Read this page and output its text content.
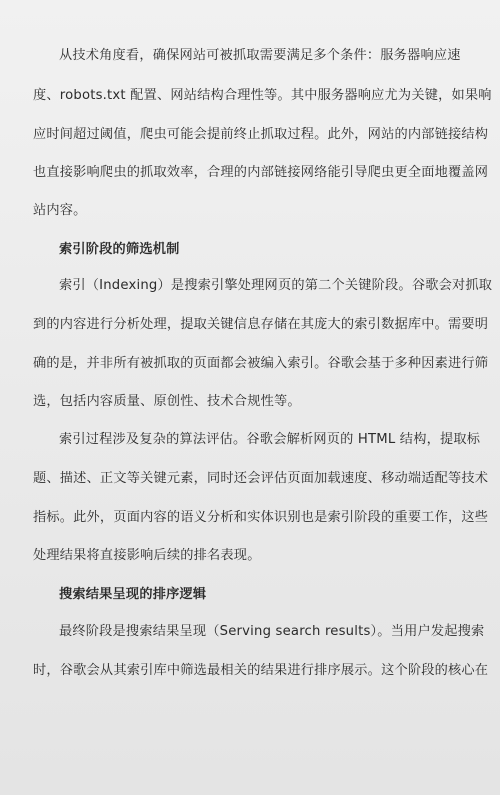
从技术角度看，确保网站可被抓取需要满足多个条件：服务器响应速
度、robots.txt 配置、网站结构合理性等。其中服务器响应尤为关键，如果响
应时间超过阈值，爬虫可能会提前终止抓取过程。此外，网站的内部链接结构
也直接影响爬虫的抓取效率，合理的内部链接网络能引导爬虫更全面地覆盖网
站内容。
索引阶段的筛选机制
索引（Indexing）是搜索引擎处理网页的第二个关键阶段。谷歌会对抓取
到的内容进行分析处理，提取关键信息存储在其庞大的索引数据库中。需要明
确的是，并非所有被抓取的页面都会被编入索引。谷歌会基于多种因素进行筛
选，包括内容质量、原创性、技术合规性等。
索引过程涉及复杂的算法评估。谷歌会解析网页的 HTML 结构，提取标
题、描述、正文等关键元素，同时还会评估页面加载速度、移动端适配等技术
指标。此外，页面内容的语义分析和实体识别也是索引阶段的重要工作，这些
处理结果将直接影响后续的排名表现。
搜索结果呈现的排序逻辑
最终阶段是搜索结果呈现（Serving search results）。当用户发起搜索
时，谷歌会从其索引库中筛选最相关的结果进行排序展示。这个阶段的核心在
